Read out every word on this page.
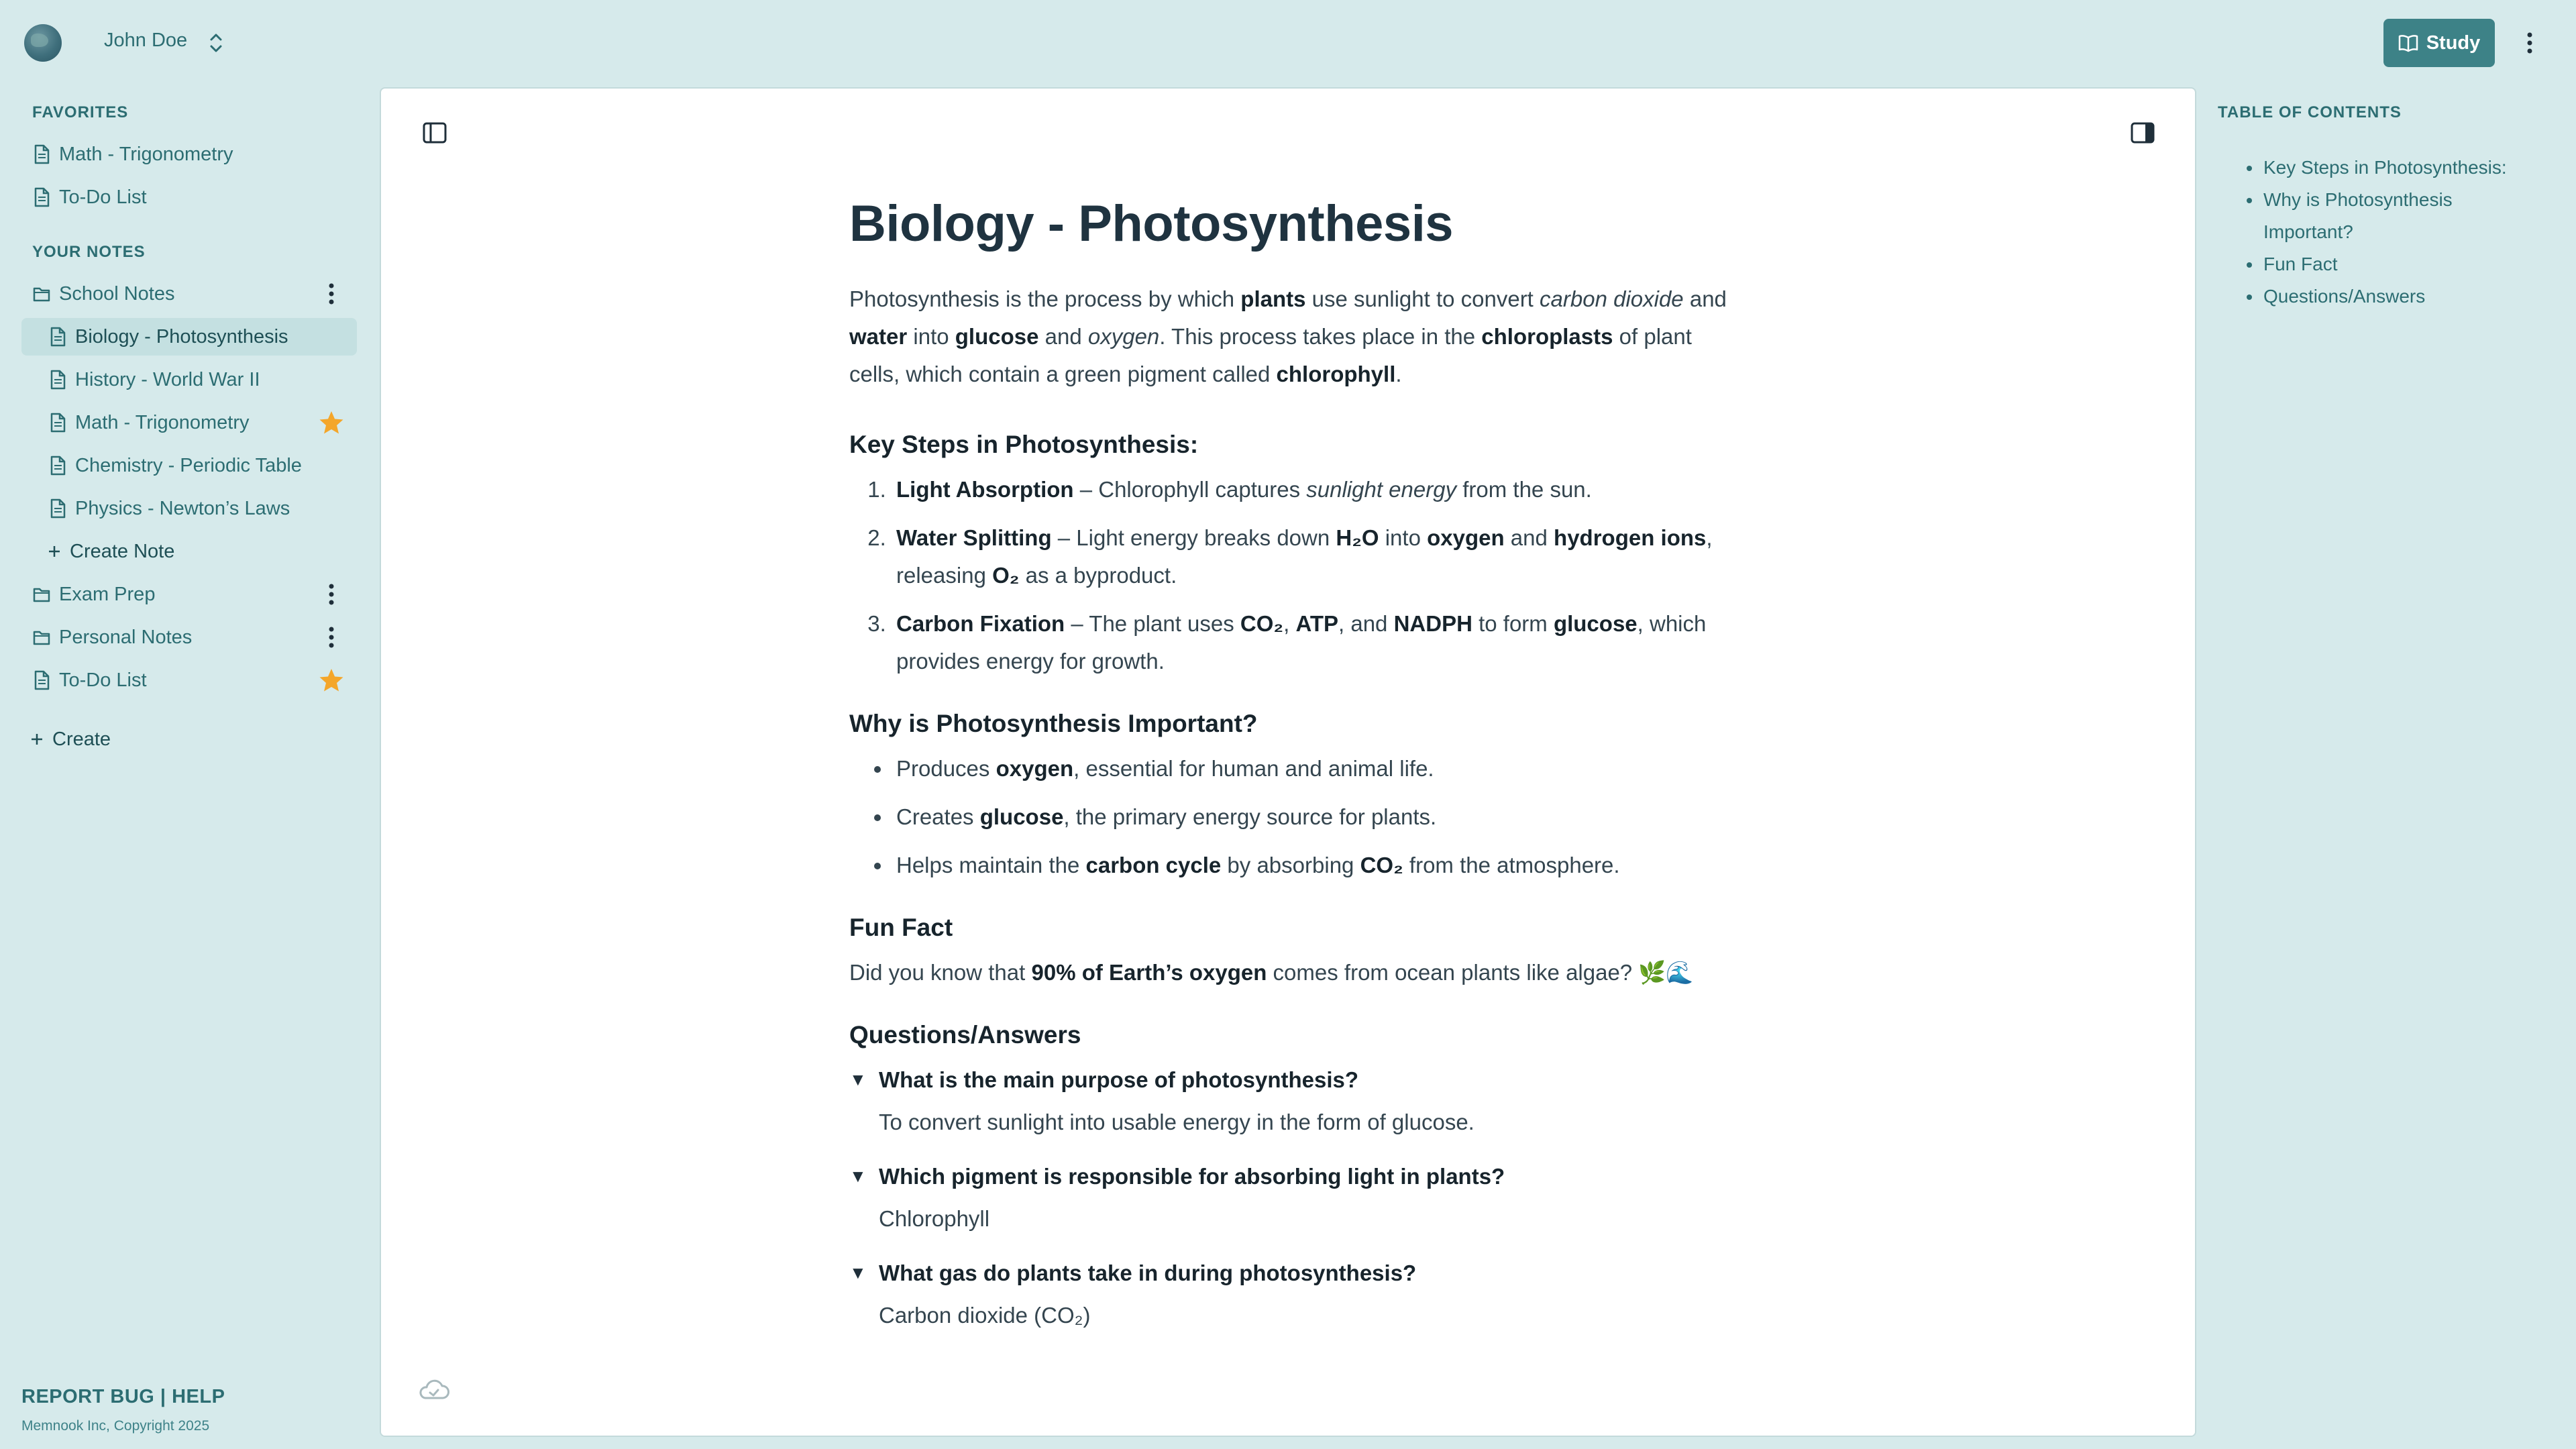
John Doe	Study
FAVORITES
Math - Trigonometry
To-Do List
YOUR NOTES
School Notes
Biology - Photosynthesis
History - World War II
Math - Trigonometry
Chemistry - Periodic Table
Physics - Newton’s Laws
Create Note
Exam Prep
Personal Notes
To-Do List
Create
REPORT BUG | HELP
Memnook Inc, Copyright 2025
Biology - Photosynthesis

Photosynthesis is the process by which plants use sunlight to convert carbon dioxide and water into glucose and oxygen. This process takes place in the chloroplasts of plant cells, which contain a green pigment called chlorophyll.

Key Steps in Photosynthesis:
1. Light Absorption – Chlorophyll captures sunlight energy from the sun.
2. Water Splitting – Light energy breaks down H₂O into oxygen and hydrogen ions, releasing O₂ as a byproduct.
3. Carbon Fixation – The plant uses CO₂, ATP, and NADPH to form glucose, which provides energy for growth.
Why is Photosynthesis Important?
• Produces oxygen, essential for human and animal life.
• Creates glucose, the primary energy source for plants.
• Helps maintain the carbon cycle by absorbing CO₂ from the atmosphere.
Fun Fact

Did you know that 90% of Earth’s oxygen comes from ocean plants like algae? 🌿🌊

Questions/Answers
▼ What is the main purpose of photosynthesis?
To convert sunlight into usable energy in the form of glucose.
▼ Which pigment is responsible for absorbing light in plants?
Chlorophyll
▼ What gas do plants take in during photosynthesis?
Carbon dioxide (CO₂)
TABLE OF CONTENTS
• Key Steps in Photosynthesis:
• Why is Photosynthesis Important?
• Fun Fact
• Questions/Answers
